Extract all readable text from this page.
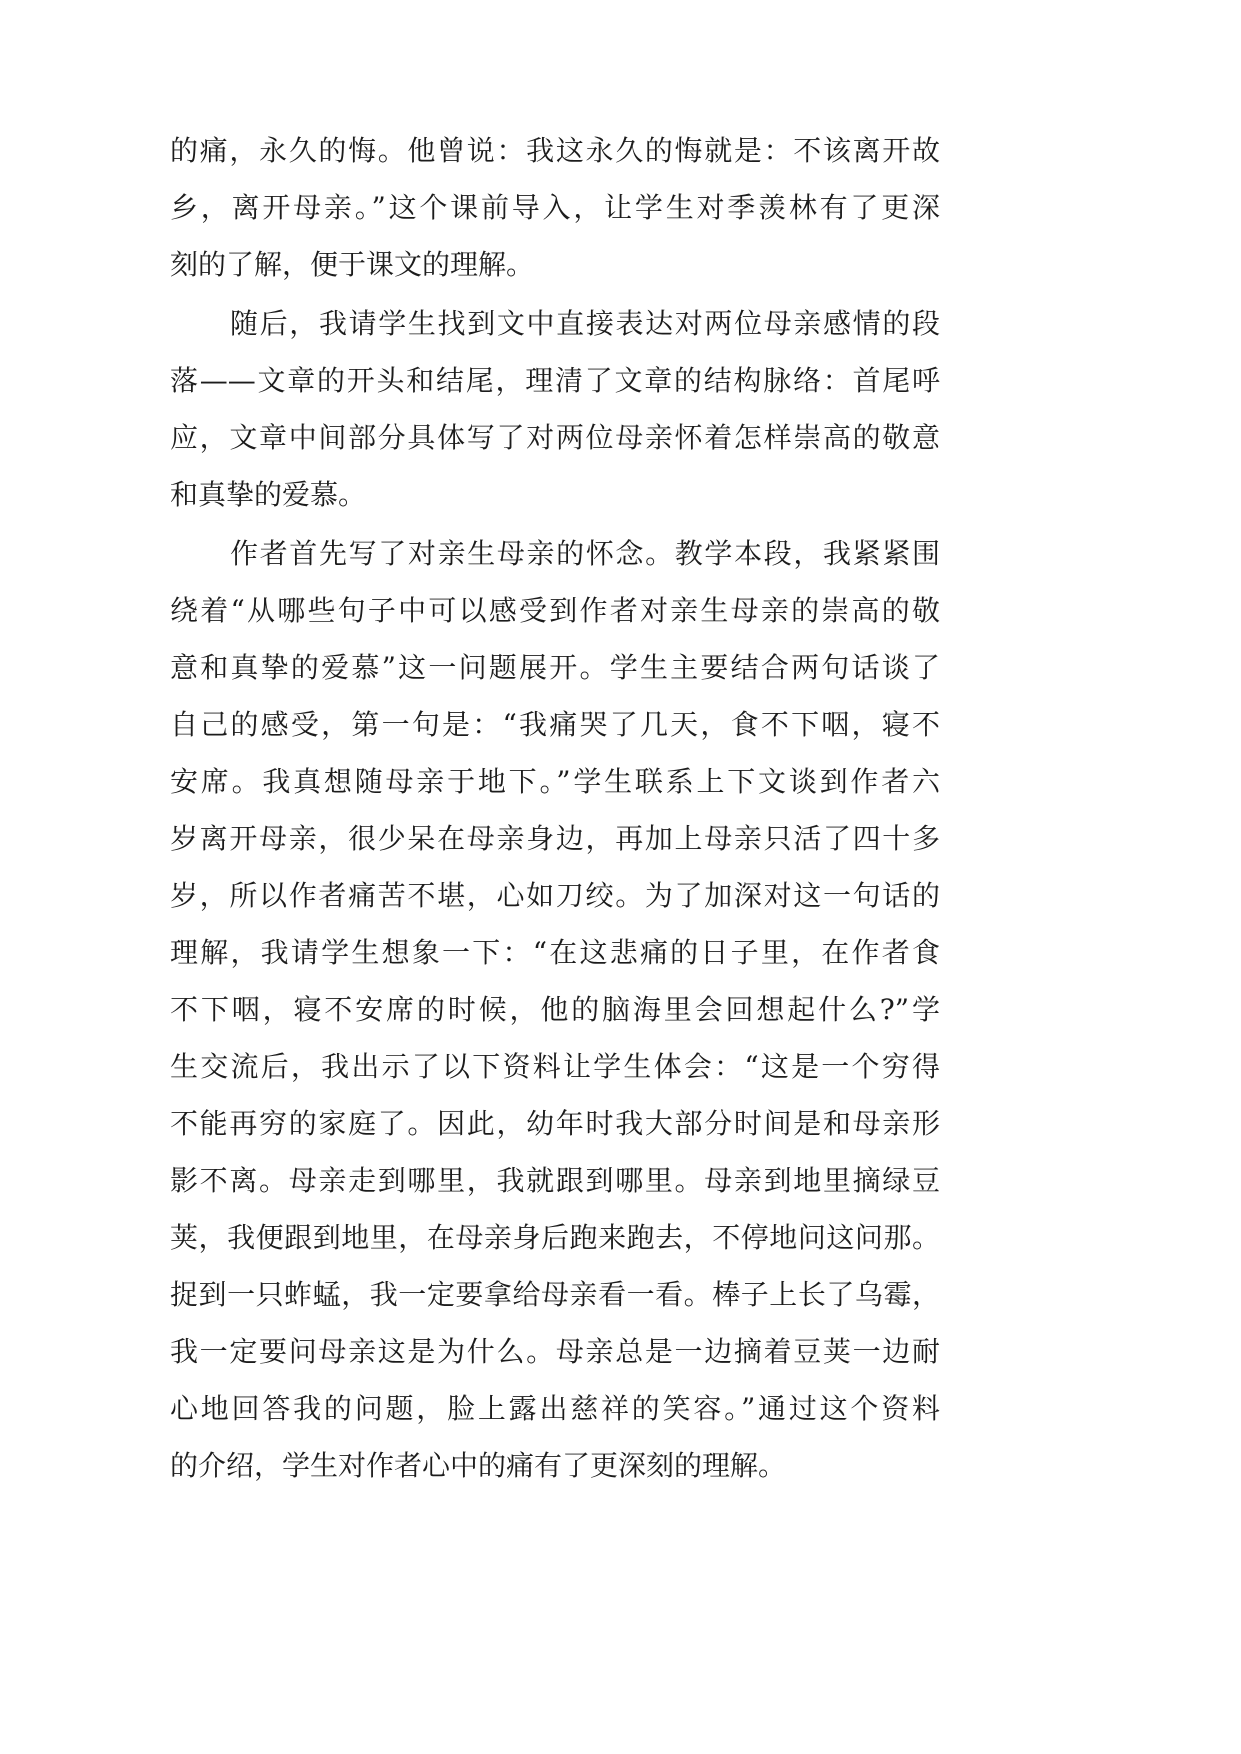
的痛，永久的悔。他曾说：我这永久的悔就是：不该离开故
乡，离开母亲。”这个课前导入，让学生对季羡林有了更深
刻的了解，便于课文的理解。
随后，我请学生找到文中直接表达对两位母亲感情的段
落——文章的开头和结尾，理清了文章的结构脉络：首尾呼
应，文章中间部分具体写了对两位母亲怀着怎样崇高的敬意
和真挚的爱慕。
作者首先写了对亲生母亲的怀念。教学本段，我紧紧围
绕着“从哪些句子中可以感受到作者对亲生母亲的崇高的敬
意和真挚的爱慕”这一问题展开。学生主要结合两句话谈了
自己的感受，第一句是：“我痛哭了几天，食不下咽，寝不
安席。我真想随母亲于地下。”学生联系上下文谈到作者六
岁离开母亲，很少呆在母亲身边，再加上母亲只活了四十多
岁，所以作者痛苦不堪，心如刀绞。为了加深对这一句话的
理解，我请学生想象一下：“在这悲痛的日子里，在作者食
不下咽，寝不安席的时候，他的脑海里会回想起什么?”学
生交流后，我出示了以下资料让学生体会：“这是一个穷得
不能再穷的家庭了。因此，幼年时我大部分时间是和母亲形
影不离。母亲走到哪里，我就跟到哪里。母亲到地里摘绿豆
荚，我便跟到地里，在母亲身后跑来跑去，不停地问这问那。
捉到一只蚱蜢，我一定要拿给母亲看一看。棒子上长了乌霉，
我一定要问母亲这是为什么。母亲总是一边摘着豆荚一边耐
心地回答我的问题，脸上露出慈祥的笑容。”通过这个资料
的介绍，学生对作者心中的痛有了更深刻的理解。
